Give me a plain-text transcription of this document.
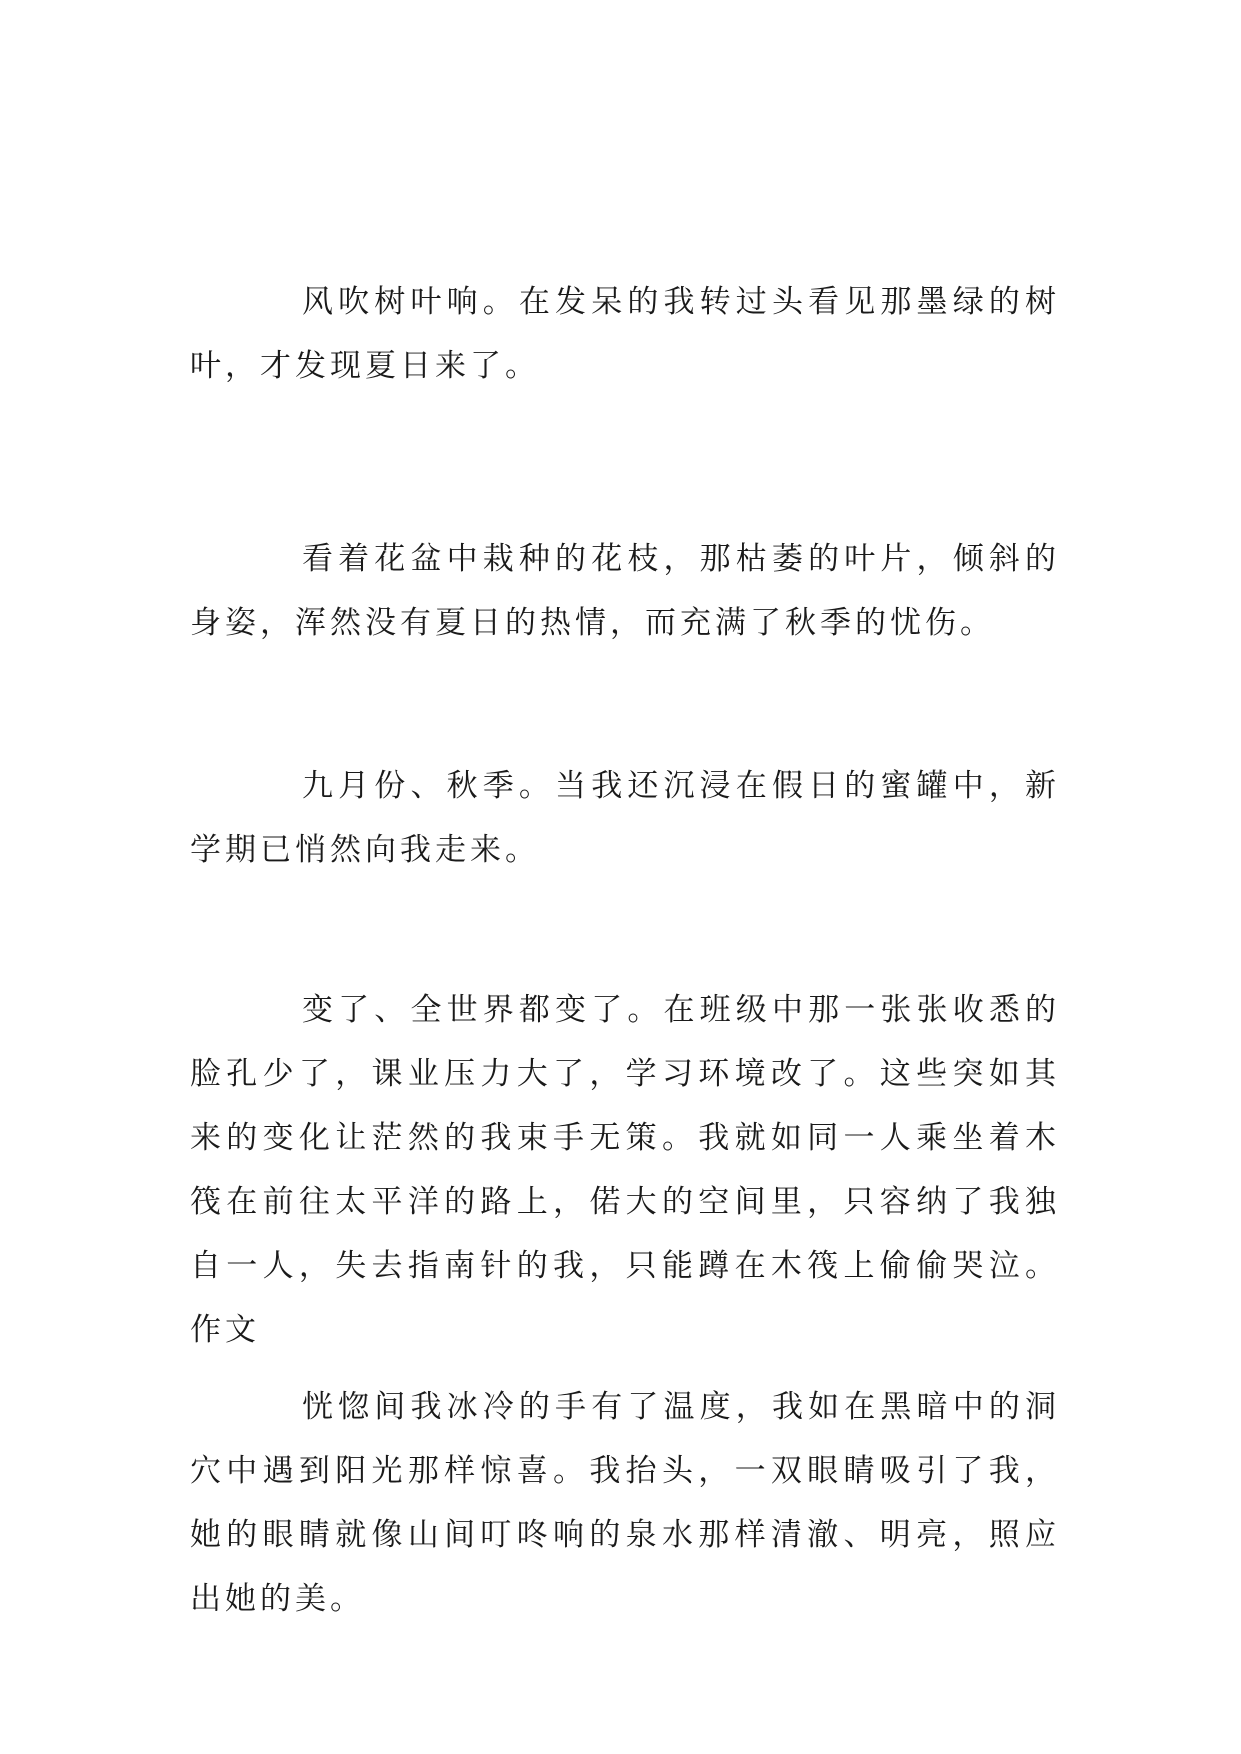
风吹树叶响。在发呆的我转过头看见那墨绿的树叶，才发现夏日来了。

看着花盆中栽种的花枝，那枯萎的叶片，倾斜的身姿，浑然没有夏日的热情，而充满了秋季的忧伤。

九月份、秋季。当我还沉浸在假日的蜜罐中，新学期已悄然向我走来。

变了、全世界都变了。在班级中那一张张收悉的脸孔少了，课业压力大了，学习环境改了。这些突如其来的变化让茫然的我束手无策。我就如同一人乘坐着木筏在前往太平洋的路上，偌大的空间里，只容纳了我独自一人，失去指南针的我，只能蹲在木筏上偷偷哭泣。作文

恍惚间我冰冷的手有了温度，我如在黑暗中的洞穴中遇到阳光那样惊喜。我抬头，一双眼睛吸引了我，她的眼睛就像山间叮咚响的泉水那样清澈、明亮，照应出她的美。
